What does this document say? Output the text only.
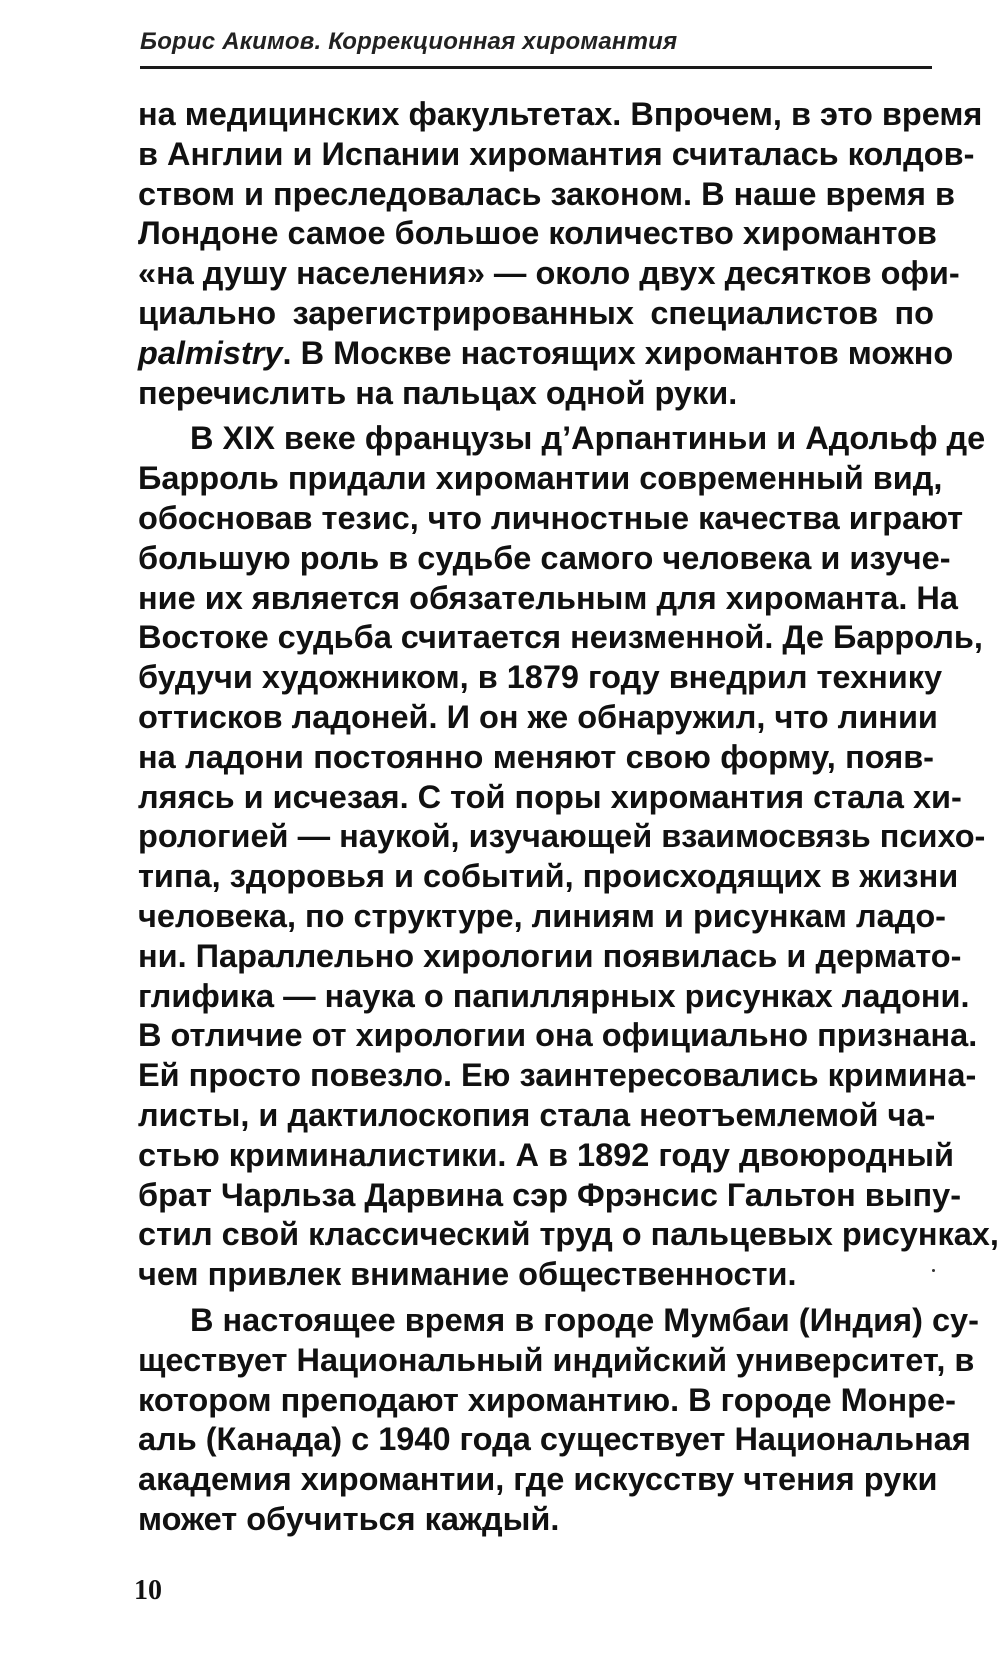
Борис Акимов. Коррекционная хиромантия
на медицинских факультетах. Впрочем, в это время
в Англии и Испании хиромантия считалась колдов-
ством и преследовалась законом. В наше время в
Лондоне самое большое количество хиромантов
«на душу населения» — около двух десятков офи-
циально зарегистрированных специалистов по
palmistry. В Москве настоящих хиромантов можно
перечислить на пальцах одной руки.
В XIX веке французы д’Арпантиньи и Адольф де
Барроль придали хиромантии современный вид,
обосновав тезис, что личностные качества играют
большую роль в судьбе самого человека и изуче-
ние их является обязательным для хироманта. На
Востоке судьба считается неизменной. Де Барроль,
будучи художником, в 1879 году внедрил технику
оттисков ладоней. И он же обнаружил, что линии
на ладони постоянно меняют свою форму, появ-
ляясь и исчезая. С той поры хиромантия стала хи-
рологией — наукой, изучающей взаимосвязь психо-
типа, здоровья и событий, происходящих в жизни
человека, по структуре, линиям и рисункам ладо-
ни. Параллельно хирологии появилась и дермато-
глифика — наука о папиллярных рисунках ладони.
В отличие от хирологии она официально признана.
Ей просто повезло. Ею заинтересовались кримина-
листы, и дактилоскопия стала неотъемлемой ча-
стью криминалистики. А в 1892 году двоюродный
брат Чарльза Дарвина сэр Фрэнсис Гальтон выпу-
стил свой классический труд о пальцевых рисунках,
чем привлек внимание общественности.
В настоящее время в городе Мумбаи (Индия) су-
ществует Национальный индийский университет, в
котором преподают хиромантию. В городе Монре-
аль (Канада) с 1940 года существует Национальная
академия хиромантии, где искусству чтения руки
может обучиться каждый.
10
